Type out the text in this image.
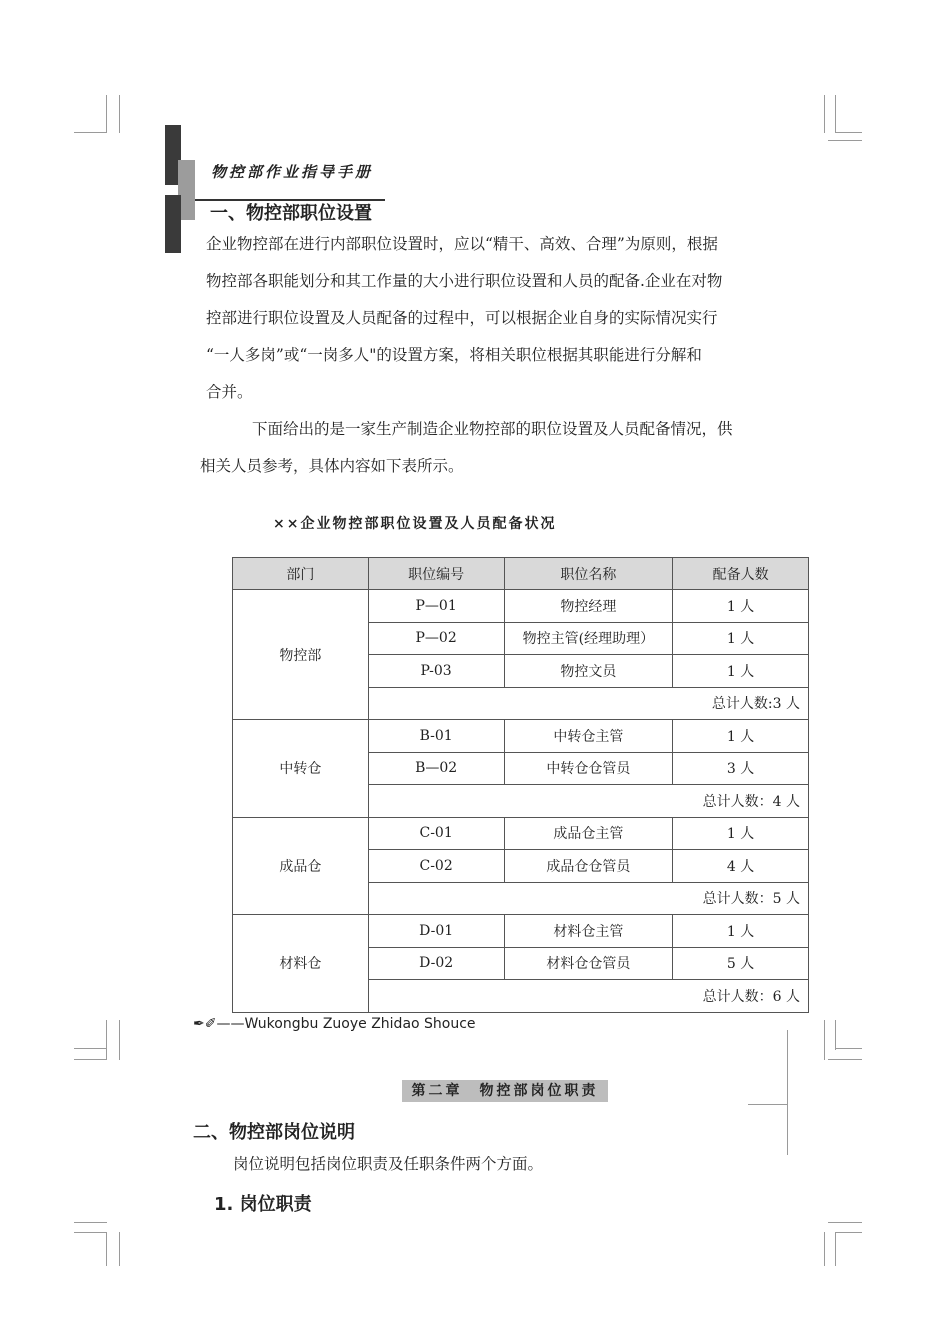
物控部作业指导手册
一、物控部职位设置
企业物控部在进行内部职位设置时，应以“精干、高效、合理”为原则，根据
物控部各职能划分和其工作量的大小进行职位设置和人员的配备.企业在对物
控部进行职位设置及人员配备的过程中，可以根据企业自身的实际情况实行
“一人多岗”或“一岗多人"的设置方案，将相关职位根据其职能进行分解和
合并。
下面给出的是一家生产制造企业物控部的职位设置及人员配备情况，供
相关人员参考，具体内容如下表所示。
××企业物控部职位设置及人员配备状况
部门	职位编号	职位名称	配备人数
物控部	P—01	物控经理	1 人
	P—02	物控主管(经理助理）	1 人
	P-03	物控文员	1 人
	总计人数:3 人		
中转仓	B-01	中转仓主管	1 人
	B—02	中转仓仓管员	3 人
	总计人数：4 人		
成品仓	C-01	成品仓主管	1 人
	C-02	成品仓仓管员	4 人
	总计人数：5 人		
材料仓	D-01	材料仓主管	1 人
	D-02	材料仓仓管员	5 人
	总计人数：6 人		
✒✐——Wukongbu Zuoye Zhidao Shouce
第二章　物控部岗位职责
二、物控部岗位说明
岗位说明包括岗位职责及任职条件两个方面。
1. 岗位职责
